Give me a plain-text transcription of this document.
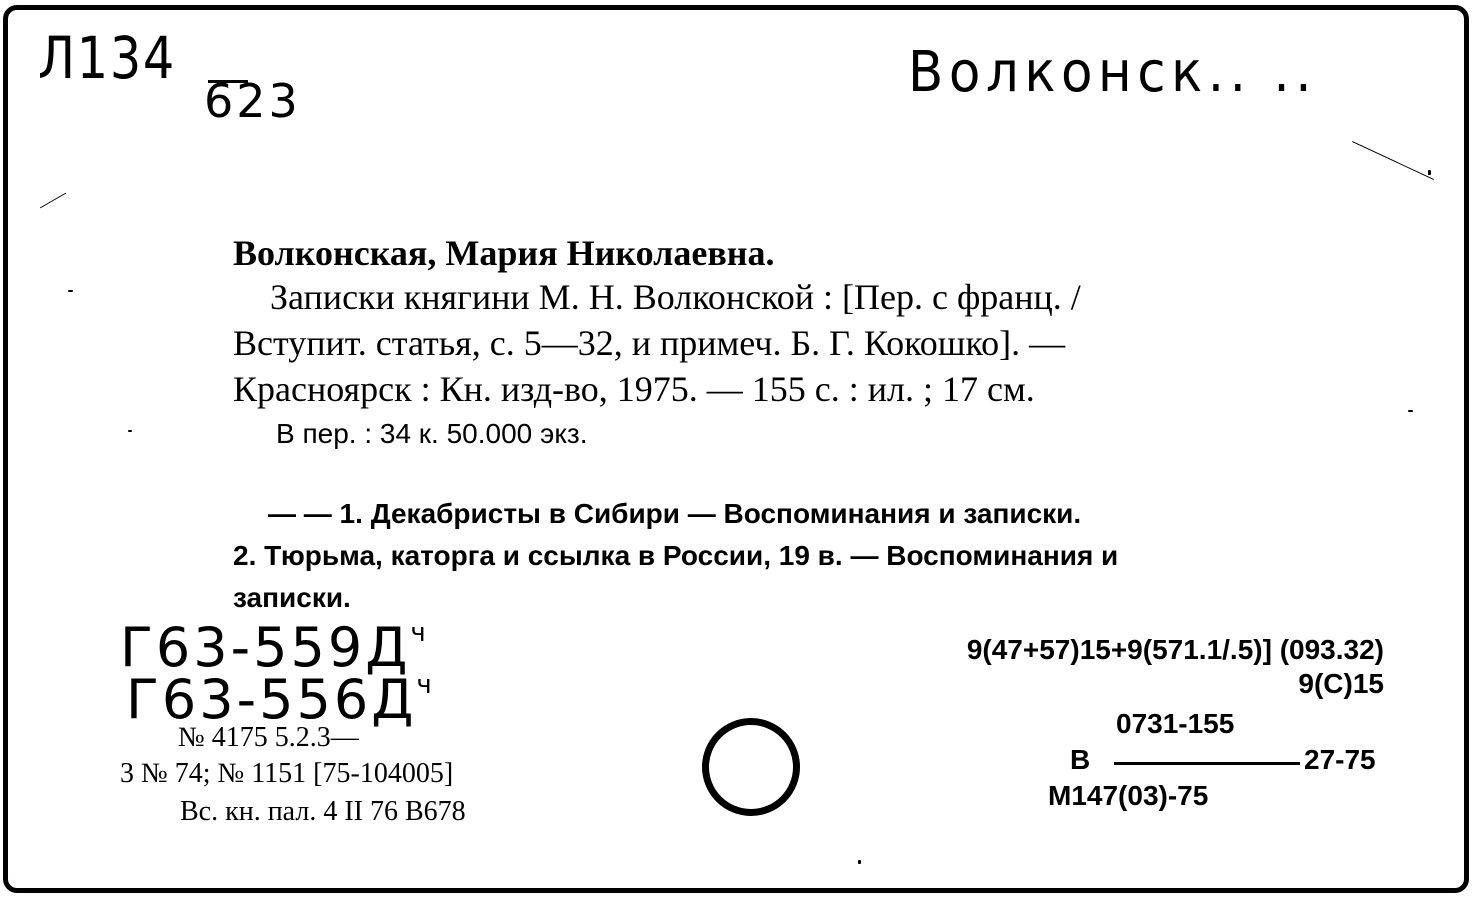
Л134
623	Волконск.. ..
Волконская, Мария Николаевна.
Записки княгини М. Н. Волконской : [Пер. с франц. /
Вступит. статья, с. 5—32, и примеч. Б. Г. Кокошко]. —
Красноярск : Кн. изд-во, 1975. — 155 с. : ил. ; 17 см.
В пер. : 34 к. 50.000 экз.
— — 1. Декабристы в Сибири — Воспоминания и записки.
2. Тюрьма, каторга и ссылка в России, 19 в. — Воспоминания и
записки.
$Г63-559Д^ч$
$Г63-556Д^ч$
№ 4175 5.2.3—
3 № 74; № 1151 [75-104005]
Вс. кн. пал. 4 II 76 В678
9(47+57)15+9(571.1/.5)] (093.32)
9(С)15
0731-155
В	27-75
М147(03)-75
